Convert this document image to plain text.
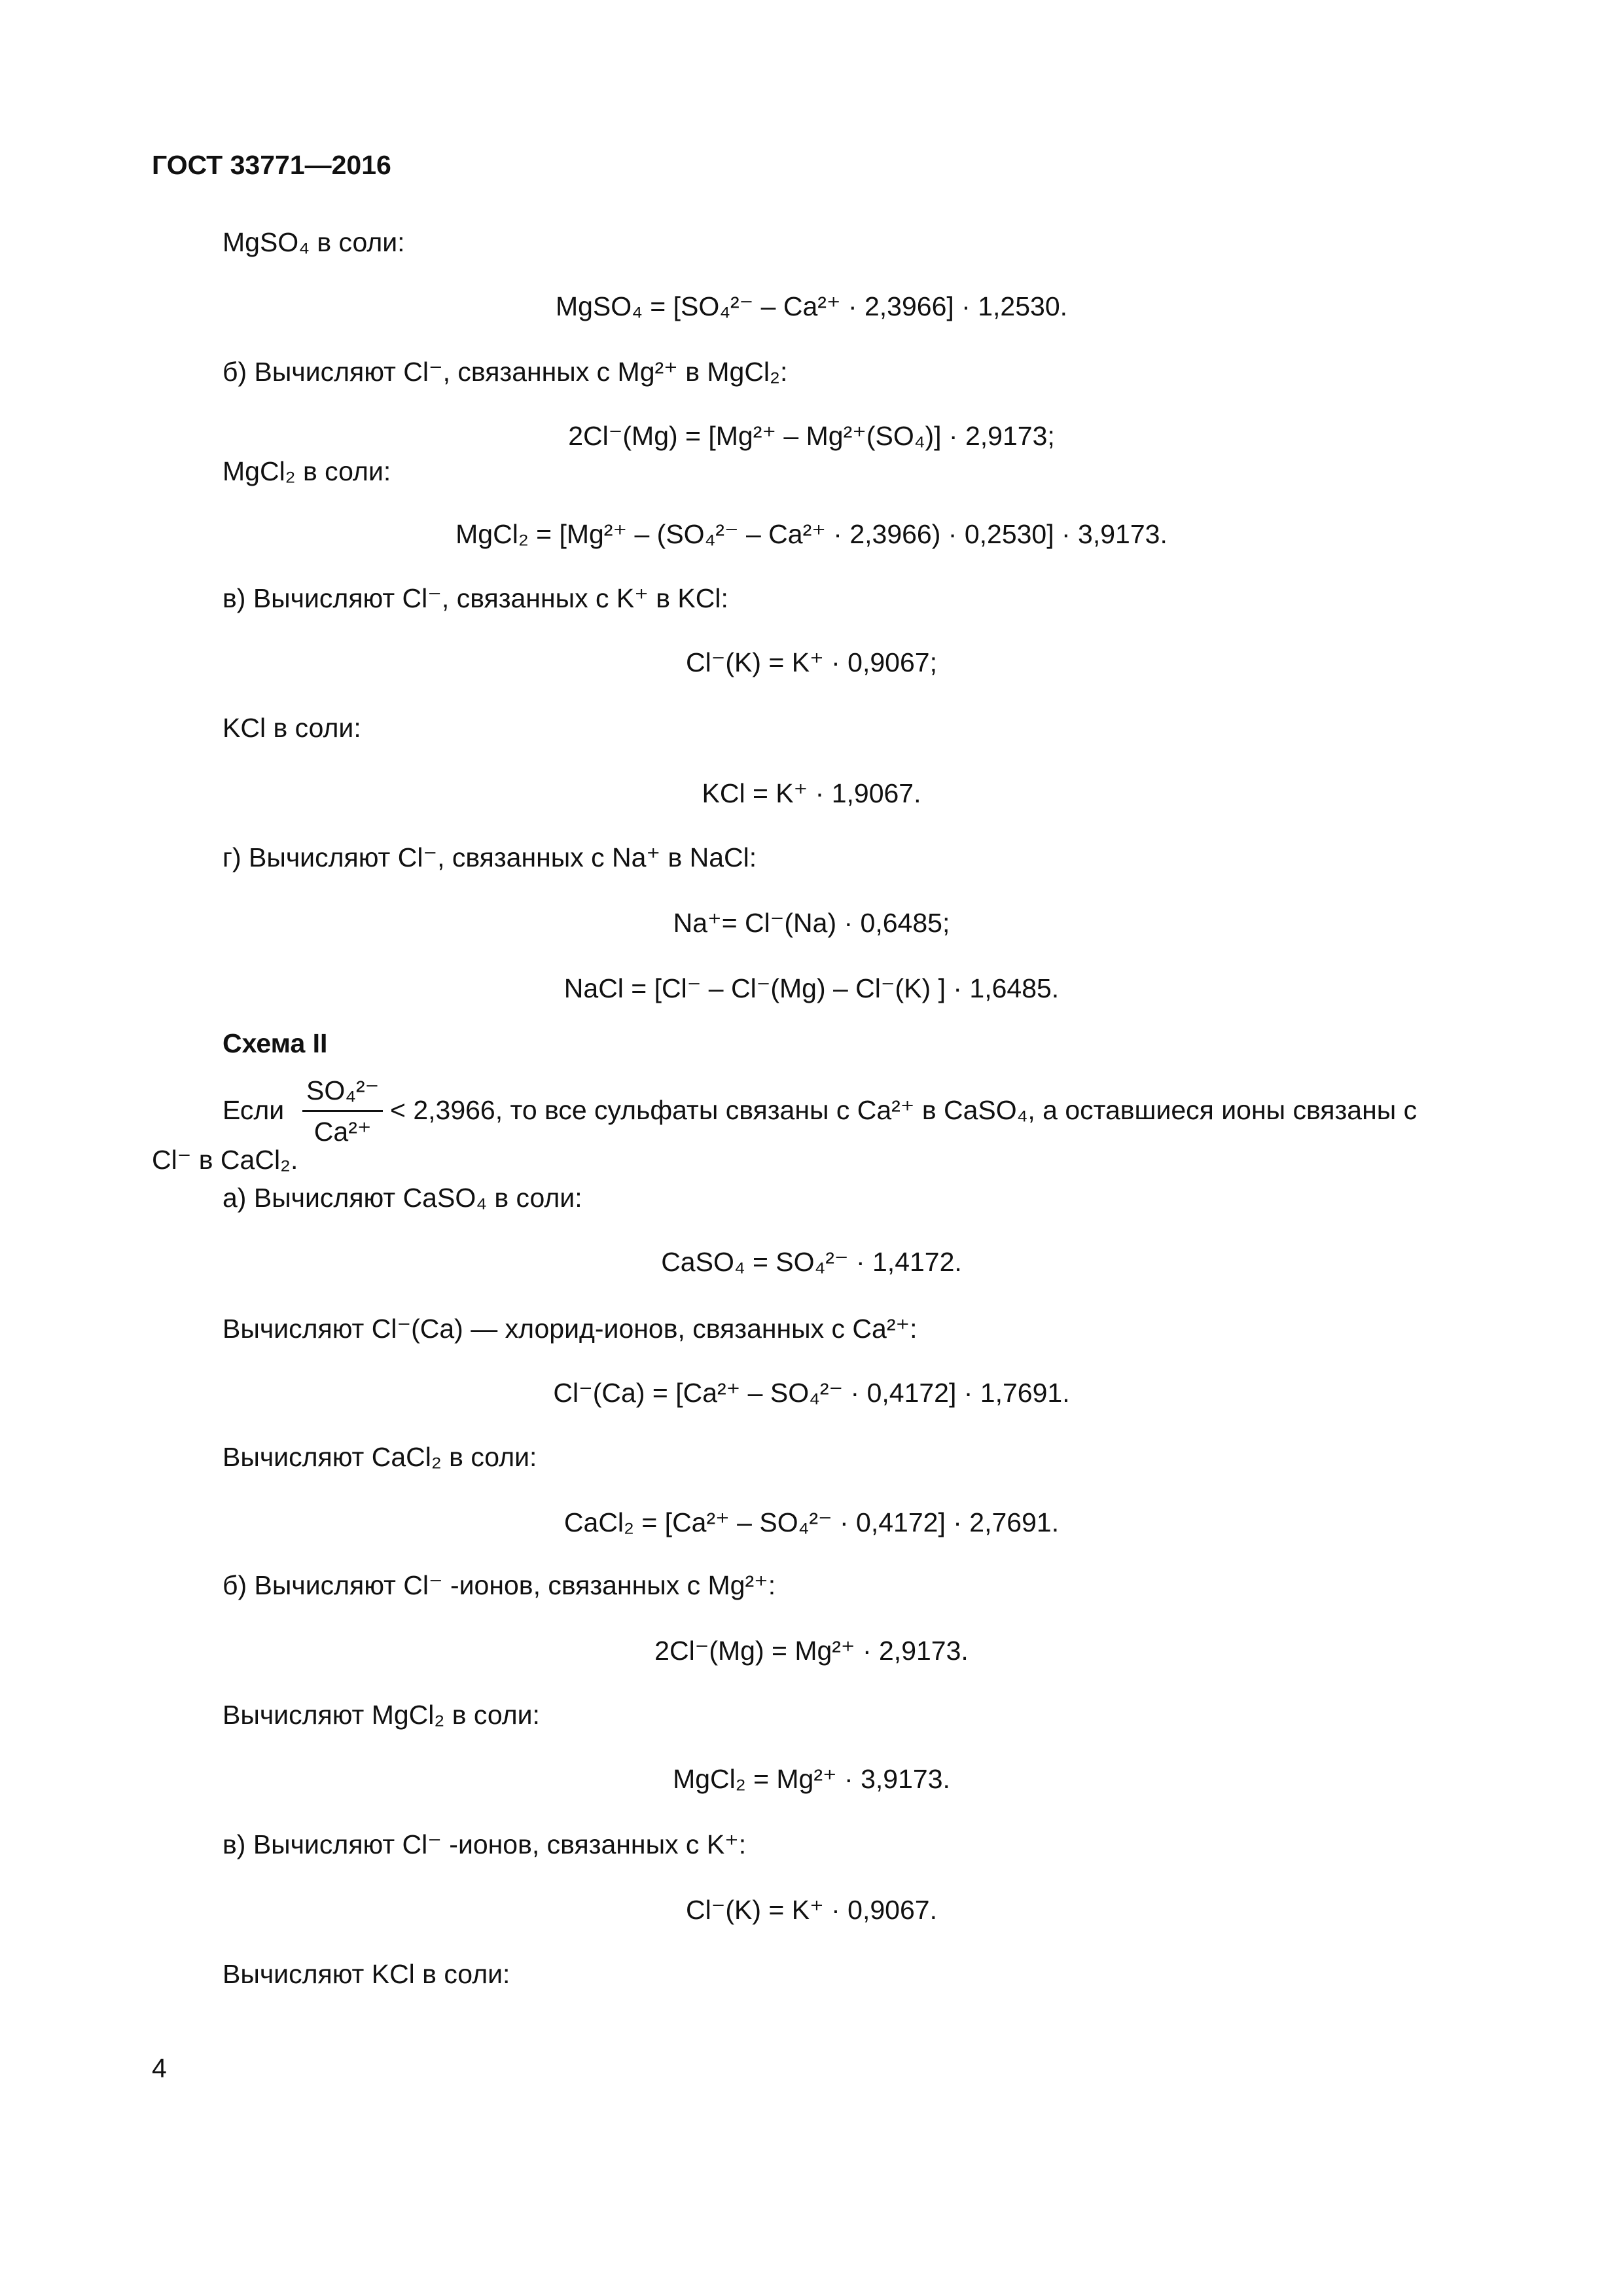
ГОСТ 33771—2016
MgSO₄ в соли:
MgSO₄ = [SO₄²⁻ – Ca²⁺ · 2,3966] · 1,2530.
б) Вычисляют Cl⁻, связанных с Mg²⁺ в MgCl₂:
2Cl⁻(Mg) = [Mg²⁺ – Mg²⁺(SO₄)] · 2,9173;
MgCl₂ в соли:
MgCl₂ = [Mg²⁺ – (SO₄²⁻ – Ca²⁺ · 2,3966) · 0,2530] · 3,9173.
в) Вычисляют Cl⁻, связанных с K⁺ в KCl:
Cl⁻(K) = K⁺ · 0,9067;
KCl в соли:
KCl = K⁺ · 1,9067.
г) Вычисляют Cl⁻, связанных с Na⁺ в NaCl:
Na⁺= Cl⁻(Na) · 0,6485;
NaCl = [Cl⁻ – Cl⁻(Mg) – Cl⁻(K) ] · 1,6485.
Схема II
Если $\frac{\text{SO₄²⁻}}{\text{Ca²⁺}} < 2,3966$, то все сульфаты связаны с Ca²⁺ в CaSO₄, а оставшиеся ионы связаны с
Cl⁻ в CaCl₂.
а) Вычисляют CaSO₄ в соли:
CaSO₄ = SO₄²⁻ · 1,4172.
Вычисляют Cl⁻(Ca) — хлорид-ионов, связанных с Ca²⁺:
Cl⁻(Ca) = [Ca²⁺ – SO₄²⁻ · 0,4172] · 1,7691.
Вычисляют CaCl₂ в соли:
CaCl₂ = [Ca²⁺ – SO₄²⁻ · 0,4172] · 2,7691.
б) Вычисляют Cl⁻ -ионов, связанных с Mg²⁺:
2Cl⁻(Mg) = Mg²⁺ · 2,9173.
Вычисляют MgCl₂ в соли:
MgCl₂ = Mg²⁺ · 3,9173.
в) Вычисляют Cl⁻ -ионов, связанных с K⁺:
Cl⁻(K) = K⁺ · 0,9067.
Вычисляют KCl в соли:
4
